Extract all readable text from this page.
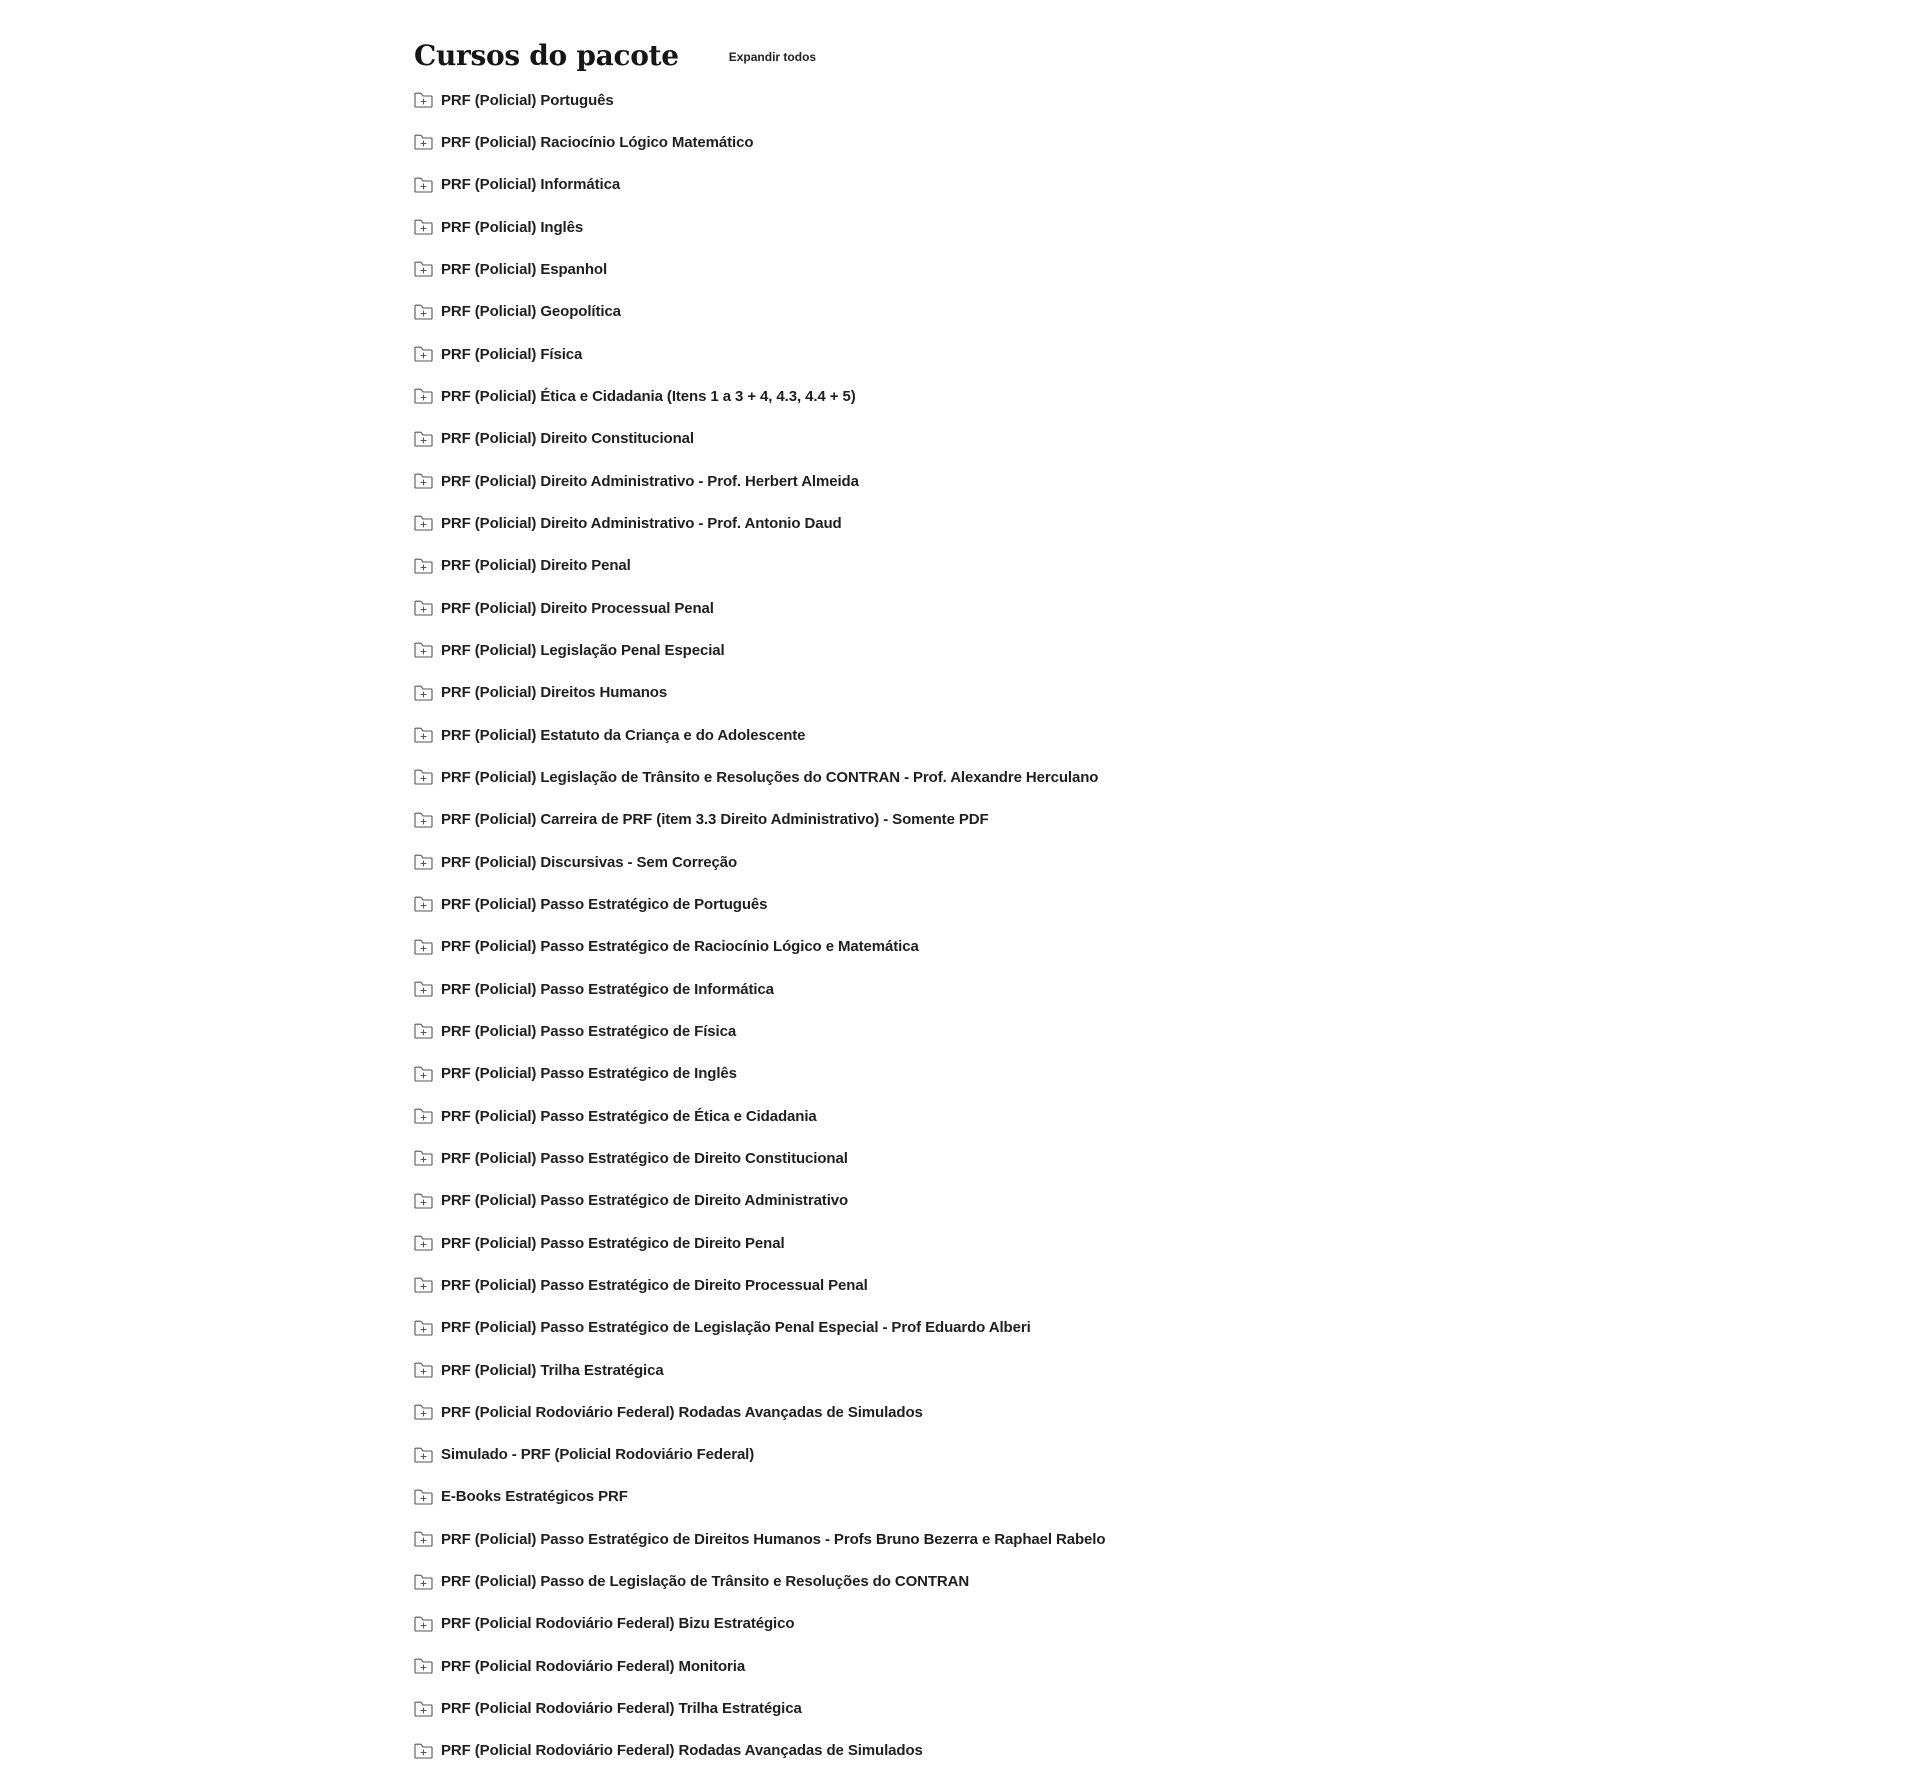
Cursos do pacote	Expandir todos
PRF (Policial) Português
PRF (Policial) Raciocínio Lógico Matemático
PRF (Policial) Informática
PRF (Policial) Inglês
PRF (Policial) Espanhol
PRF (Policial) Geopolítica
PRF (Policial) Física
PRF (Policial) Ética e Cidadania (Itens 1 a 3 + 4, 4.3, 4.4 + 5)
PRF (Policial) Direito Constitucional
PRF (Policial) Direito Administrativo - Prof. Herbert Almeida
PRF (Policial) Direito Administrativo - Prof. Antonio Daud
PRF (Policial) Direito Penal
PRF (Policial) Direito Processual Penal
PRF (Policial) Legislação Penal Especial
PRF (Policial) Direitos Humanos
PRF (Policial) Estatuto da Criança e do Adolescente
PRF (Policial) Legislação de Trânsito e Resoluções do CONTRAN - Prof. Alexandre Herculano
PRF (Policial) Carreira de PRF (item 3.3 Direito Administrativo) - Somente PDF
PRF (Policial) Discursivas - Sem Correção
PRF (Policial) Passo Estratégico de Português
PRF (Policial) Passo Estratégico de Raciocínio Lógico e Matemática
PRF (Policial) Passo Estratégico de Informática
PRF (Policial) Passo Estratégico de Física
PRF (Policial) Passo Estratégico de Inglês
PRF (Policial) Passo Estratégico de Ética e Cidadania
PRF (Policial) Passo Estratégico de Direito Constitucional
PRF (Policial) Passo Estratégico de Direito Administrativo
PRF (Policial) Passo Estratégico de Direito Penal
PRF (Policial) Passo Estratégico de Direito Processual Penal
PRF (Policial) Passo Estratégico de Legislação Penal Especial - Prof Eduardo Alberi
PRF (Policial) Trilha Estratégica
PRF (Policial Rodoviário Federal) Rodadas Avançadas de Simulados
Simulado - PRF (Policial Rodoviário Federal)
E-Books Estratégicos PRF
PRF (Policial) Passo Estratégico de Direitos Humanos - Profs Bruno Bezerra e Raphael Rabelo
PRF (Policial) Passo de Legislação de Trânsito e Resoluções do CONTRAN
PRF (Policial Rodoviário Federal) Bizu Estratégico
PRF (Policial Rodoviário Federal) Monitoria
PRF (Policial Rodoviário Federal) Trilha Estratégica
PRF (Policial Rodoviário Federal) Rodadas Avançadas de Simulados
